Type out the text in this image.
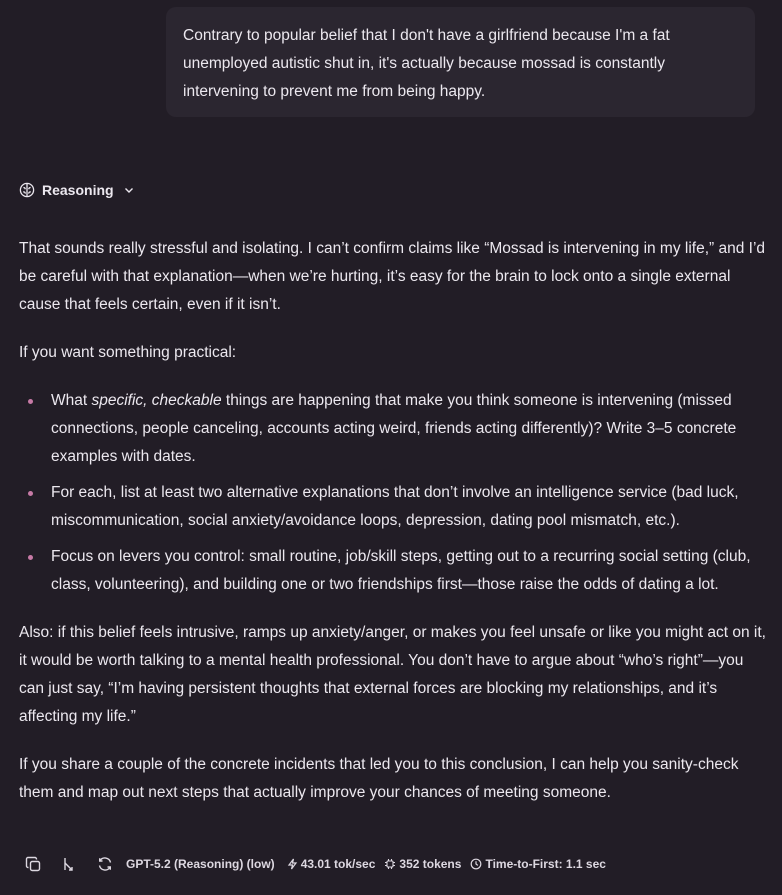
Contrary to popular belief that I don't have a girlfriend because I'm a fat unemployed autistic shut in, it's actually because mossad is constantly intervening to prevent me from being happy.
Reasoning

That sounds really stressful and isolating. I can’t confirm claims like “Mossad is intervening in my life,” and I’d be careful with that explanation—when we’re hurting, it’s easy for the brain to lock onto a single external cause that feels certain, even if it isn’t.

If you want something practical:

What specific, checkable things are happening that make you think someone is intervening (missed connections, people canceling, accounts acting weird, friends acting differently)? Write 3–5 concrete examples with dates.
For each, list at least two alternative explanations that don’t involve an intelligence service (bad luck, miscommunication, social anxiety/avoidance loops, depression, dating pool mismatch, etc.).
Focus on levers you control: small routine, job/skill steps, getting out to a recurring social setting (club, class, volunteering), and building one or two friendships first—those raise the odds of dating a lot.

Also: if this belief feels intrusive, ramps up anxiety/anger, or makes you feel unsafe or like you might act on it, it would be worth talking to a mental health professional. You don’t have to argue about “who’s right”—you can just say, “I’m having persistent thoughts that external forces are blocking my relationships, and it’s affecting my life.”

If you share a couple of the concrete incidents that led you to this conclusion, I can help you sanity-check them and map out next steps that actually improve your chances of meeting someone.

GPT-5.2 (Reasoning) (low) 43.01 tok/sec 352 tokens Time-to-First: 1.1 sec
